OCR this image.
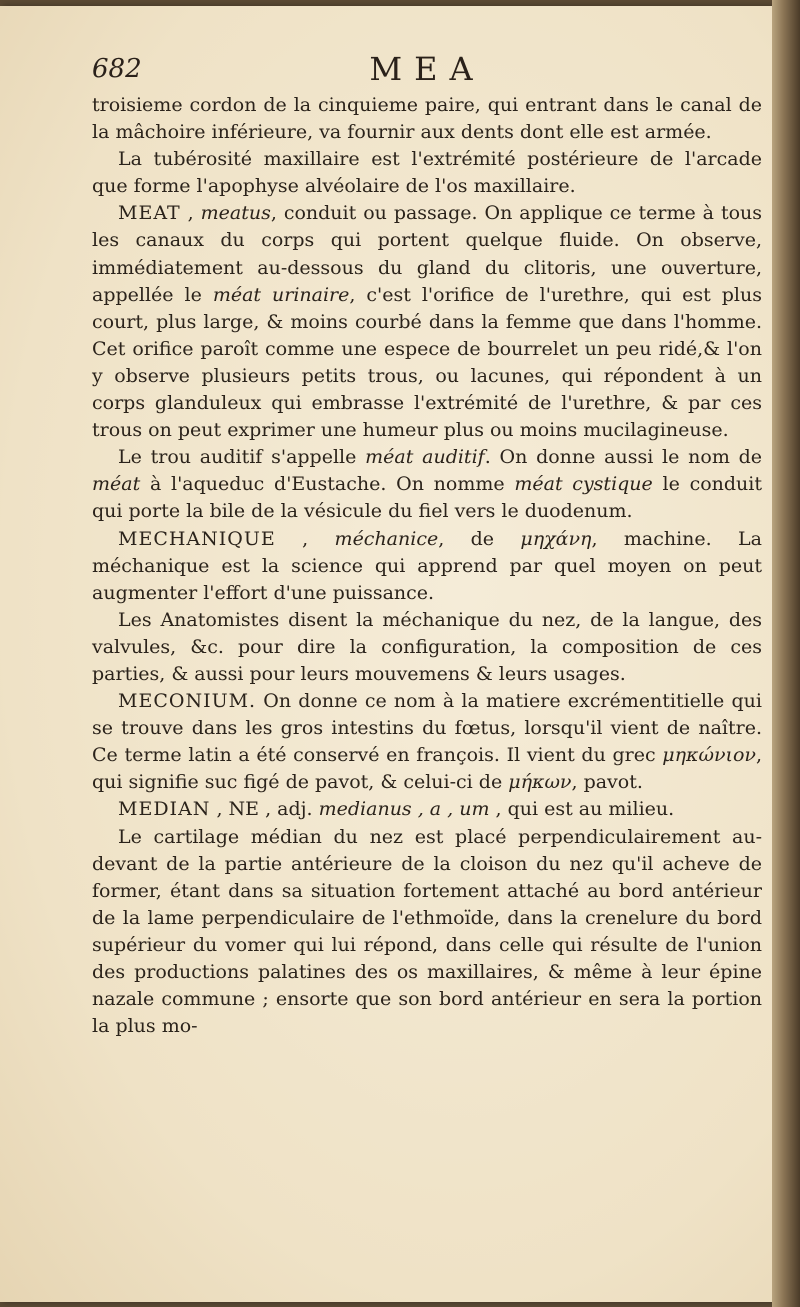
682	MEA

troisieme cordon de la cinquieme paire, qui entrant dans le canal de la mâchoire inférieure, va fournir aux dents dont elle est armée.

La tubérosité maxillaire est l'extrémité postérieure de l'arcade que forme l'apophyse alvéolaire de l'os maxillaire.

MEAT , meatus, conduit ou passage. On applique ce terme à tous les canaux du corps qui portent quelque fluide. On observe, immédiatement au-dessous du gland du clitoris, une ouverture, appellée le méat urinaire, c'est l'orifice de l'urethre, qui est plus court, plus large, & moins courbé dans la femme que dans l'homme. Cet orifice paroît comme une espece de bourrelet un peu ridé,& l'on y observe plusieurs petits trous, ou lacunes, qui répondent à un corps glanduleux qui embrasse l'extrémité de l'urethre, & par ces trous on peut exprimer une humeur plus ou moins mucilagineuse.

Le trou auditif s'appelle méat auditif. On donne aussi le nom de méat à l'aqueduc d'Eustache. On nomme méat cystique le conduit qui porte la bile de la vésicule du fiel vers le duodenum.

MECHANIQUE , méchanice, de μηχάνη, machine. La méchanique est la science qui apprend par quel moyen on peut augmenter l'effort d'une puissance.

Les Anatomistes disent la méchanique du nez, de la langue, des valvules, &c. pour dire la configuration, la composition de ces parties, & aussi pour leurs mouvemens & leurs usages.

MECONIUM. On donne ce nom à la matiere excrémentitielle qui se trouve dans les gros intestins du fœtus, lorsqu'il vient de naître. Ce terme latin a été conservé en françois. Il vient du grec μηκώνιον, qui signifie suc figé de pavot, & celui-ci de μήκων, pavot.

MEDIAN , NE , adj. medianus , a , um , qui est au milieu.

Le cartilage médian du nez est placé perpendiculairement au-devant de la partie antérieure de la cloison du nez qu'il acheve de former, étant dans sa situation fortement attaché au bord antérieur de la lame perpendiculaire de l'ethmoïde, dans la crenelure du bord supérieur du vomer qui lui répond, dans celle qui résulte de l'union des productions palatines des os maxillaires, & même à leur épine nazale commune ; ensorte que son bord antérieur en sera la portion la plus mo-
